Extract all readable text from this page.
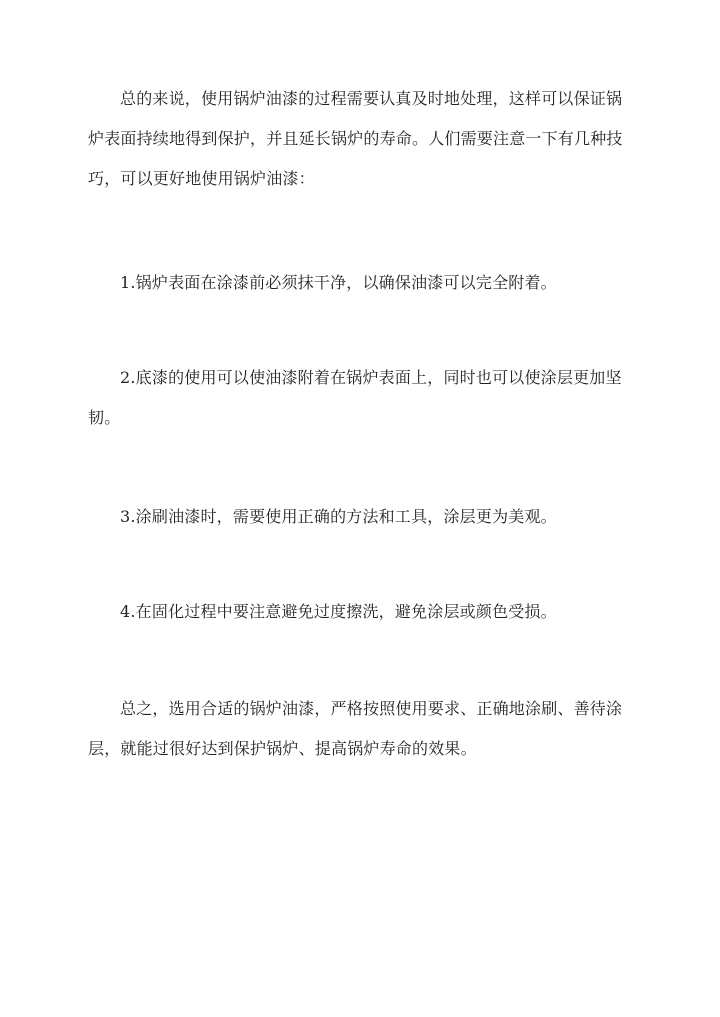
总的来说，使用锅炉油漆的过程需要认真及时地处理，这样可以保证锅炉表面持续地得到保护，并且延长锅炉的寿命。人们需要注意一下有几种技巧，可以更好地使用锅炉油漆：

1.锅炉表面在涂漆前必须抹干净，以确保油漆可以完全附着。

2.底漆的使用可以使油漆附着在锅炉表面上，同时也可以使涂层更加坚韧。

3.涂刷油漆时，需要使用正确的方法和工具，涂层更为美观。

4.在固化过程中要注意避免过度擦洗，避免涂层或颜色受损。

总之，选用合适的锅炉油漆，严格按照使用要求、正确地涂刷、善待涂层，就能过很好达到保护锅炉、提高锅炉寿命的效果。
